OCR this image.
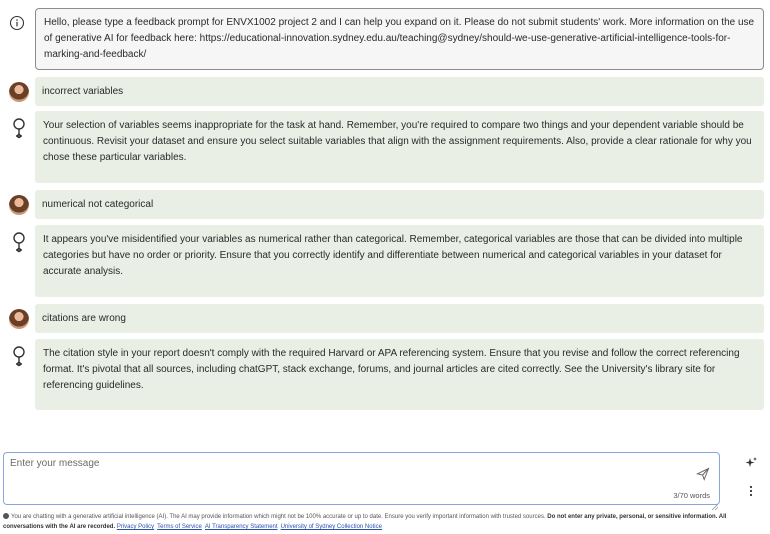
Hello, please type a feedback prompt for ENVX1002 project 2 and I can help you expand on it. Please do not submit students' work. More information on the use of generative AI for feedback here: https://educational-innovation.sydney.edu.au/teaching@sydney/should-we-use-generative-artificial-intelligence-tools-for-marking-and-feedback/
incorrect variables
Your selection of variables seems inappropriate for the task at hand. Remember, you're required to compare two things and your dependent variable should be continuous. Revisit your dataset and ensure you select suitable variables that align with the assignment requirements. Also, provide a clear rationale for why you chose these particular variables.
numerical not categorical
It appears you've misidentified your variables as numerical rather than categorical. Remember, categorical variables are those that can be divided into multiple categories but have no order or priority. Ensure that you correctly identify and differentiate between numerical and categorical variables in your dataset for accurate analysis.
citations are wrong
The citation style in your report doesn't comply with the required Harvard or APA referencing system. Ensure that you revise and follow the correct referencing format. It's pivotal that all sources, including chatGPT, stack exchange, forums, and journal articles are cited correctly. See the University's library site for referencing guidelines.
Enter your message
3/70 words
You are chatting with a generative artificial intelligence (AI). The AI may provide information which might not be 100% accurate or up to date. Ensure you verify important information with trusted sources. Do not enter any private, personal, or sensitive information. All conversations with the AI are recorded. Privacy Policy Terms of Service AI Transparency Statement University of Sydney Collection Notice
